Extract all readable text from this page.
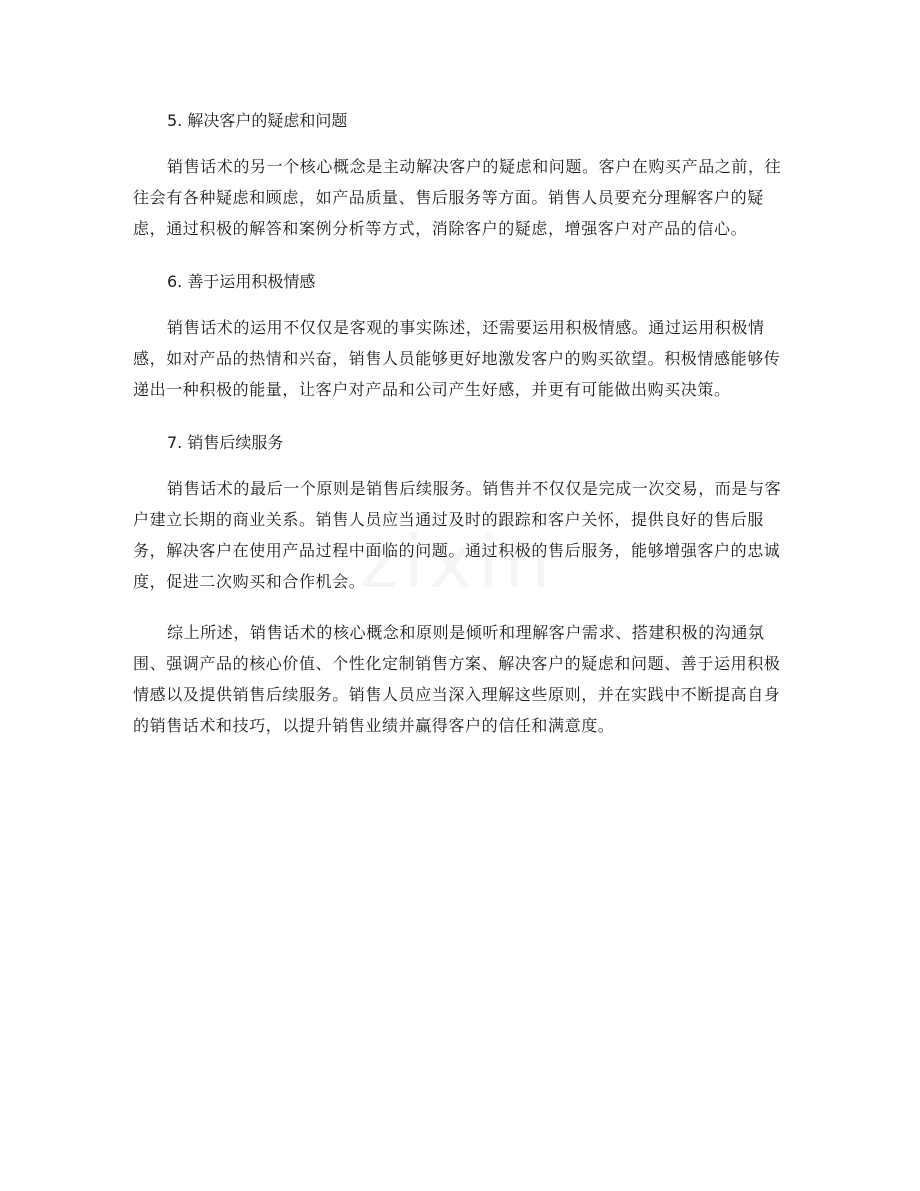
5. 解决客户的疑虑和问题

销售话术的另一个核心概念是主动解决客户的疑虑和问题。客户在购买产品之前，往往会有各种疑虑和顾虑，如产品质量、售后服务等方面。销售人员要充分理解客户的疑虑，通过积极的解答和案例分析等方式，消除客户的疑虑，增强客户对产品的信心。

6. 善于运用积极情感

销售话术的运用不仅仅是客观的事实陈述，还需要运用积极情感。通过运用积极情感，如对产品的热情和兴奋，销售人员能够更好地激发客户的购买欲望。积极情感能够传递出一种积极的能量，让客户对产品和公司产生好感，并更有可能做出购买决策。

7. 销售后续服务

销售话术的最后一个原则是销售后续服务。销售并不仅仅是完成一次交易，而是与客户建立长期的商业关系。销售人员应当通过及时的跟踪和客户关怀，提供良好的售后服务，解决客户在使用产品过程中面临的问题。通过积极的售后服务，能够增强客户的忠诚度，促进二次购买和合作机会。

综上所述，销售话术的核心概念和原则是倾听和理解客户需求、搭建积极的沟通氛围、强调产品的核心价值、个性化定制销售方案、解决客户的疑虑和问题、善于运用积极情感以及提供销售后续服务。销售人员应当深入理解这些原则，并在实践中不断提高自身的销售话术和技巧，以提升销售业绩并赢得客户的信任和满意度。
